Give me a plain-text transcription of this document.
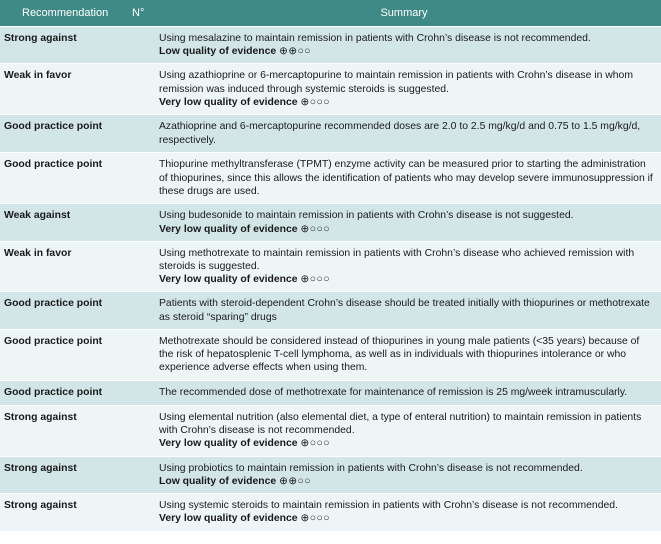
Recommendation	N°	Summary
Strong against		Using mesalazine to maintain remission in patients with Crohn’s disease is not recommended.
Low quality of evidence ⊕⊕○○

Weak in favor		Using azathioprine or 6-mercaptopurine to maintain remission in patients with Crohn’s disease in whom remission was induced through systemic steroids is suggested.
Very low quality of evidence ⊕○○○

Good practice point		Azathioprine and 6-mercaptopurine recommended doses are 2.0 to 2.5 mg/kg/d and 0.75 to 1.5 mg/kg/d, respectively.
Good practice point		Thiopurine methyltransferase (TPMT) enzyme activity can be measured prior to starting the administration of thiopurines, since this allows the identification of patients who may develop severe immunosuppression if these drugs are used.
Weak against		Using budesonide to maintain remission in patients with Crohn’s disease is not suggested.
Very low quality of evidence ⊕○○○

Weak in favor		Using methotrexate to maintain remission in patients with Crohn’s disease who achieved remission with steroids is suggested.
Very low quality of evidence ⊕○○○

Good practice point		Patients with steroid-dependent Crohn’s disease should be treated initially with thiopurines or methotrexate as steroid “sparing” drugs
Good practice point		Methotrexate should be considered instead of thiopurines in young male patients (<35 years) because of the risk of hepatosplenic T-cell lymphoma, as well as in individuals with thiopurines intolerance or who experience adverse effects when using them.
Good practice point		The recommended dose of methotrexate for maintenance of remission is 25 mg/week intramuscularly.
Strong against		Using elemental nutrition (also elemental diet, a type of enteral nutrition) to maintain remission in patients with Crohn’s disease is not recommended.
Very low quality of evidence ⊕○○○

Strong against		Using probiotics to maintain remission in patients with Crohn’s disease is not recommended.
Low quality of evidence ⊕⊕○○

Strong against		Using systemic steroids to maintain remission in patients with Crohn’s disease is not recommended.
Very low quality of evidence ⊕○○○
